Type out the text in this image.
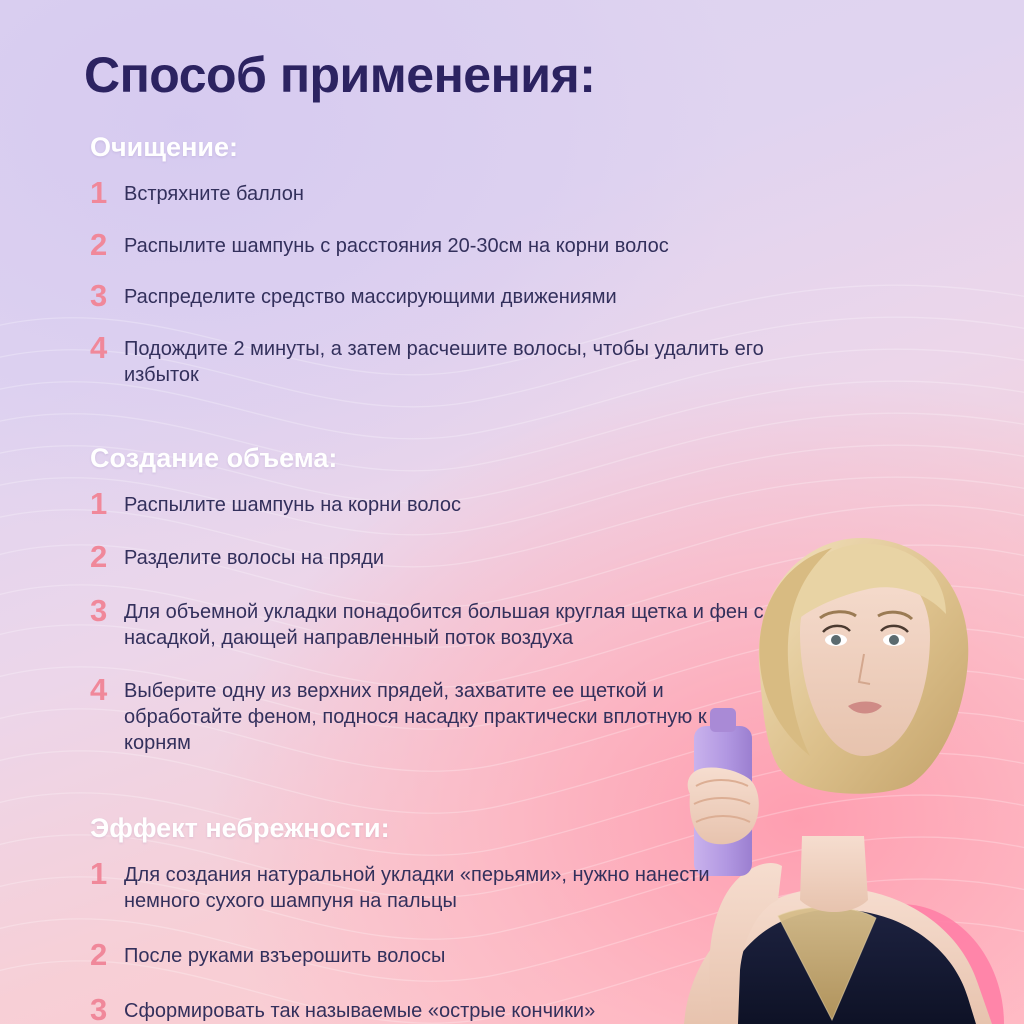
Способ применения:
Очищение:
1 Встряхните баллон
2 Распылите шампунь с расстояния 20-30см на корни волос
3 Распределите средство массирующими движениями
4 Подождите 2 минуты, а затем расчешите волосы, чтобы удалить его избыток
Создание объема:
1 Распылите шампунь на корни волос
2 Разделите волосы на пряди
3 Для объемной укладки понадобится большая круглая щетка и фен с насадкой, дающей направленный поток воздуха
4 Выберите одну из верхних прядей, захватите ее щеткой и обработайте феном, поднося насадку практически вплотную к корням
Эффект небрежности:
1 Для создания натуральной укладки «перьями», нужно нанести немного сухого шампуня на пальцы
2 После руками взъерошить волосы
3 Сформировать так называемые «острые кончики»
